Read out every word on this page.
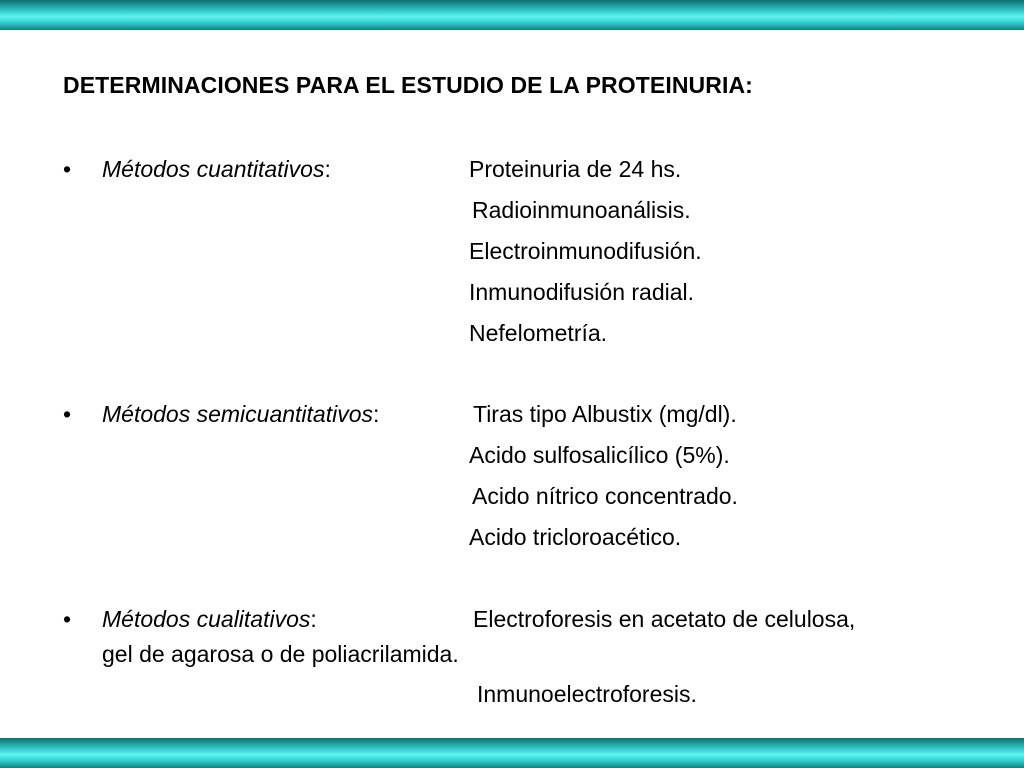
DETERMINACIONES PARA EL ESTUDIO DE LA PROTEINURIA:
• Métodos cuantitativos:	Proteinuria de 24 hs.
Radioinmunoanálisis.
Electroinmunodifusión.
Inmunodifusión radial.
Nefelometría.
• Métodos semicuantitativos:	Tiras tipo Albustix (mg/dl).
Acido sulfosalicílico (5%).
Acido nítrico concentrado.
Acido tricloroacético.
• Métodos cualitativos:	Electroforesis en acetato de celulosa,
gel de agarosa o de poliacrilamida.
Inmunoelectroforesis.
